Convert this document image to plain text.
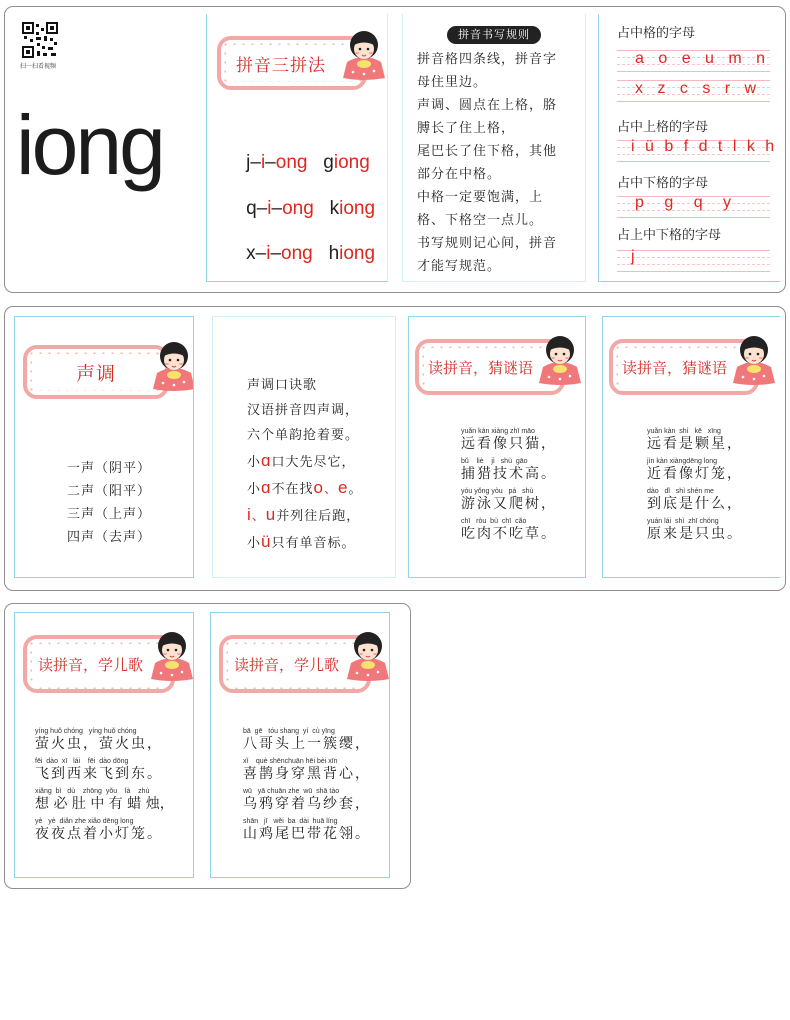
扫一扫看视频
iong
拼音三拼法

j–i–ong giong

q–i–ong kiong

x–i–ong hiong

拼音书写规则

拼音格四条线，拼音字

母住里边。

声调、圆点在上格，胳

膊长了住上格，

尾巴长了住下格，其他

部分在中格。

中格一定要饱满，上

格、下格空一点儿。

书写规则记心间，拼音

才能写规范。

占中格的字母
a o e u m n
x z c s r w
占中上格的字母
i ü b f d t l k h
占中下格的字母
p g q y
占上中下格的字母
j
声调
一声（阴平）
二声（阳平）
三声（上声）
四声（去声）
声调口诀歌
汉语拼音四声调，
六个单韵抢着要。
小ɑ口大先尽它，
小ɑ不在找o、e。
i、u并列往后跑，
小ü只有单音标。
读拼音，猜谜语
yuǎn kàn xiàng zhī māo
远看像只猫，
bǔ    liè    jì   shù  gāo
捕猎技术高。
yóu yǒng yòu   pá   shù
游泳又爬树，
chī   ròu  bù  chī  cǎo
吃肉不吃草。
读拼音，猜谜语
yuǎn kàn  shì   kē   xīng
远看是颗星，
jìn kàn xiàngdēng long
近看像灯笼，
dào   dǐ   shì shén me
到底是什么，
yuán lái  shì  zhī chóng
原来是只虫。
读拼音，学儿歌
yíng huǒ chóng   yíng huǒ chóng
萤火虫，萤火虫，
fēi  dào  xī   lái    fēi  dào dōng
飞到西来飞到东。
xiǎng  bì   dù    zhōng  yǒu    là    zhú
想 必 肚 中 有 蜡 烛，
yè   yè  diǎn zhe xiǎo dēng long
夜夜点着小灯笼。
读拼音，学儿歌
bā  gē   tóu shang  yí  cù yīng
八哥头上一簇缨，
xǐ    què shēnchuān hēi bèi xīn
喜鹊身穿黑背心，
wū   yā chuān zhe  wū  shā tào
乌鸦穿着乌纱套，
shān   jī   wěi  ba  dài  huā líng
山鸡尾巴带花翎。
